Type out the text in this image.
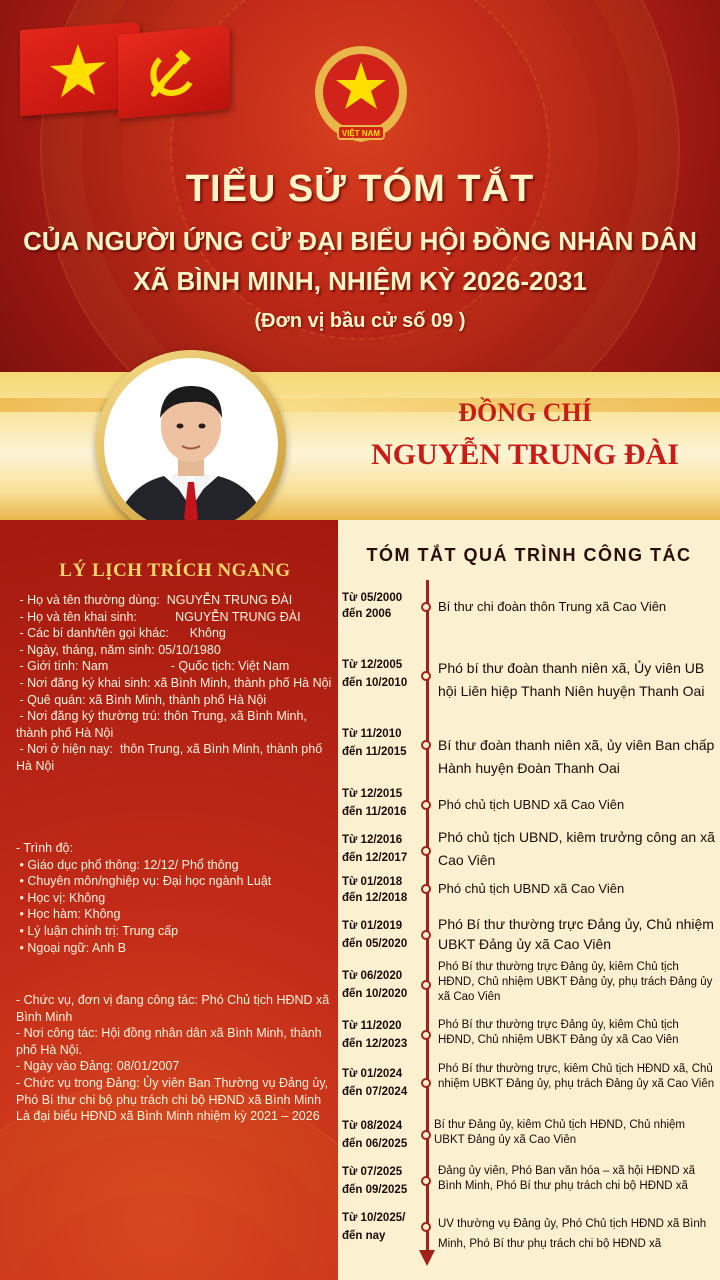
VIỆT NAM
TIỂU SỬ TÓM TẮT
CỦA NGƯỜI ỨNG CỬ ĐẠI BIỂU HỘI ĐỒNG NHÂN DÂN
XÃ BÌNH MINH, NHIỆM KỲ 2026-2031
(Đơn vị bầu cử số 09 )
ĐỒNG CHÍ
NGUYỄN TRUNG ĐÀI
LÝ LỊCH TRÍCH NGANG

- Họ và tên thường dùng:  NGUYỄN TRUNG ĐÀI

- Họ và tên khai sinh:           NGUYỄN TRUNG ĐÀI

- Các bí danh/tên gọi khác:      Không

- Ngày, tháng, năm sinh: 05/10/1980

- Giới tính: Nam                  - Quốc tịch: Việt Nam

- Nơi đăng ký khai sinh: xã Bình Minh, thành phố Hà Nội

- Quê quán: xã Bình Minh, thành phố Hà Nội

- Nơi đăng ký thường trú: thôn Trung, xã Bình Minh, thành phố Hà Nội

- Nơi ở hiện nay:  thôn Trung, xã Bình Minh, thành phố Hà Nội

- Trình độ:

• Giáo dục phổ thông: 12/12/ Phổ thông

• Chuyên môn/nghiệp vụ: Đại học ngành Luật

• Học vị: Không

• Học hàm: Không

• Lý luận chính trị: Trung cấp

• Ngoại ngữ: Anh B

- Chức vụ, đơn vị đang công tác: Phó Chủ tịch HĐND xã Bình Minh

- Nơi công tác: Hội đồng nhân dân xã Bình Minh, thành phố Hà Nội.

- Ngày vào Đảng: 08/01/2007

- Chức vụ trong Đảng: Ủy viên Ban Thường vụ Đảng ủy, Phó Bí thư chi bộ phụ trách chi bộ HĐND xã Bình Minh

Là đại biểu HĐND xã Bình Minh nhiệm kỳ 2021 – 2026

TÓM TẮT QUÁ TRÌNH CÔNG TÁC
Từ 05/2000
đến 2006	Bí thư chi đoàn thôn Trung xã Cao Viên
Từ 12/2005
đến 10/2010
Phó bí thư đoàn thanh niên xã, Ủy viên UB hội Liên hiệp Thanh Niên huyện Thanh Oai
Từ 11/2010
đến 11/2015	Bí thư đoàn thanh niên xã, ủy viên Ban chấp Hành huyện Đoàn Thanh Oai
Từ 12/2015
đến 11/2016	Phó chủ tịch UBND xã Cao Viên
Từ 12/2016
đến 12/2017
Phó chủ tịch UBND, kiêm trưởng công an xã Cao Viên
Từ 01/2018
đến 12/2018
Phó chủ tịch UBND xã Cao Viên
Từ 01/2019
đến 05/2020
Phó Bí thư thường trực Đảng ủy, Chủ nhiệm UBKT Đảng ủy xã Cao Viên
Từ 06/2020
đến 10/2020
Phó Bí thư thường trực Đảng ủy, kiêm Chủ tịch HĐND, Chủ nhiệm UBKT Đảng ủy, phụ trách Đảng ủy xã Cao Viên
Từ 11/2020
đến 12/2023
Phó Bí thư thường trực Đảng ủy, kiêm Chủ tịch HĐND, Chủ nhiệm UBKT Đảng ủy xã Cao Viên
Từ 01/2024
đến 07/2024
Phó Bí thư thường trực, kiêm Chủ tịch HĐND xã, Chủ nhiệm UBKT Đảng ủy, phụ trách Đảng ủy xã Cao Viên
Từ 08/2024
đến 06/2025
Bí thư Đảng ủy, kiêm Chủ tịch HĐND, Chủ nhiệm UBKT Đảng ủy xã Cao Viên
Từ 07/2025
đến 09/2025
Đảng ủy viên, Phó Ban văn hóa – xã hội HĐND xã Bình Minh, Phó Bí thư phụ trách chi bộ HĐND xã
Từ 10/2025/
đến nay
UV thường vụ Đảng ủy, Phó Chủ tịch HĐND xã Bình Minh, Phó Bí thư phụ trách chi bộ HĐND xã
